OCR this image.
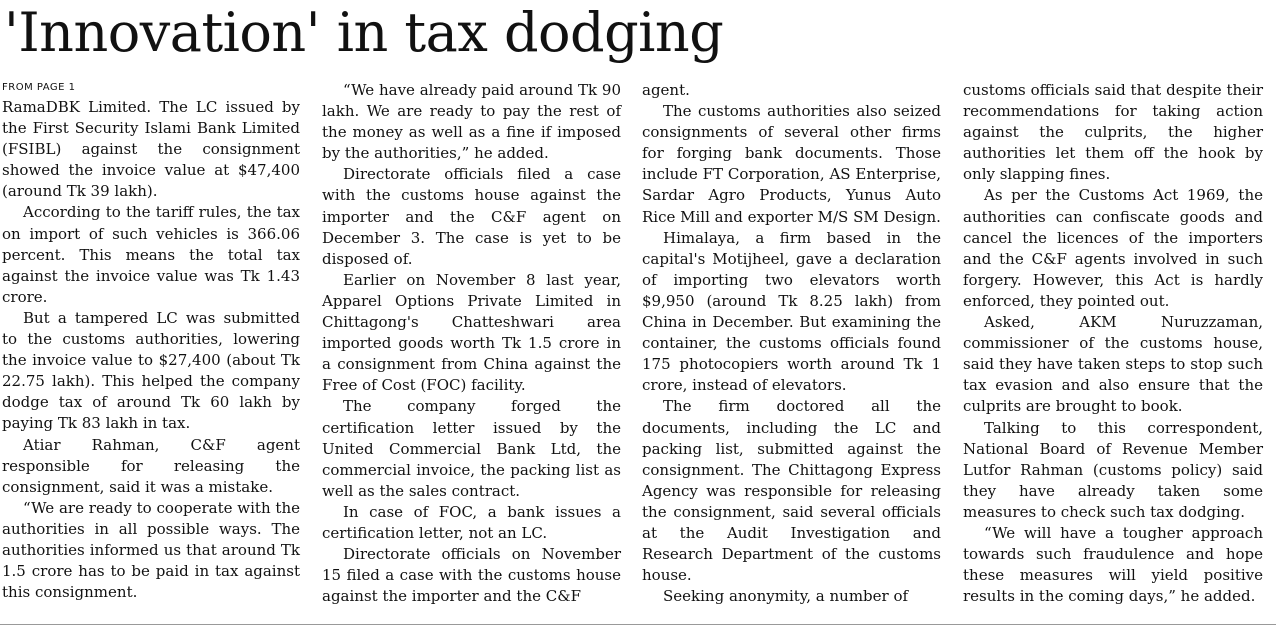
'Innovation' in tax dodging
FROM PAGE 1

RamaDBK Limited. The LC issued by the First Security Islami Bank Limited (FSIBL) against the consignment showed the invoice value at $47,400 (around Tk 39 lakh).

According to the tariff rules, the tax on import of such vehicles is 366.06 percent. This means the total tax against the invoice value was Tk 1.43 crore.

But a tampered LC was submitted to the customs authorities, lowering the invoice value to $27,400 (about Tk 22.75 lakh). This helped the company dodge tax of around Tk 60 lakh by paying Tk 83 lakh in tax.

Atiar Rahman, C&F agent responsible for releasing the consignment, said it was a mistake.

“We are ready to cooperate with the authorities in all possible ways. The authorities informed us that around Tk 1.5 crore has to be paid in tax against this consignment.

“We have already paid around Tk 90 lakh. We are ready to pay the rest of the money as well as a fine if imposed by the authorities,” he added.

Directorate officials filed a case with the customs house against the importer and the C&F agent on December 3. The case is yet to be disposed of.

Earlier on November 8 last year, Apparel Options Private Limited in Chittagong's Chatteshwari area imported goods worth Tk 1.5 crore in a consignment from China against the Free of Cost (FOC) facility.

The company forged the certification letter issued by the United Commercial Bank Ltd, the commercial invoice, the packing list as well as the sales contract.

In case of FOC, a bank issues a certification letter, not an LC.

Directorate officials on November 15 filed a case with the customs house against the importer and the C&F

agent.

The customs authorities also seized consignments of several other firms for forging bank documents. Those include FT Corporation, AS Enterprise, Sardar Agro Products, Yunus Auto Rice Mill and exporter M/S SM Design.

Himalaya, a firm based in the capital's Motijheel, gave a declaration of importing two elevators worth $9,950 (around Tk 8.25 lakh) from China in December. But examining the container, the customs officials found 175 photocopiers worth around Tk 1 crore, instead of elevators.

The firm doctored all the documents, including the LC and packing list, submitted against the consignment. The Chittagong Express Agency was responsible for releasing the consignment, said several officials at the Audit Investigation and Research Department of the customs house.

Seeking anonymity, a number of

customs officials said that despite their recommendations for taking action against the culprits, the higher authorities let them off the hook by only slapping fines.

As per the Customs Act 1969, the authorities can confiscate goods and cancel the licences of the importers and the C&F agents involved in such forgery. However, this Act is hardly enforced, they pointed out.

Asked, AKM Nuruzzaman, commissioner of the customs house, said they have taken steps to stop such tax evasion and also ensure that the culprits are brought to book.

Talking to this correspondent, National Board of Revenue Member Lutfor Rahman (customs policy) said they have already taken some measures to check such tax dodging.

“We will have a tougher approach towards such fraudulence and hope these measures will yield positive results in the coming days,” he added.
